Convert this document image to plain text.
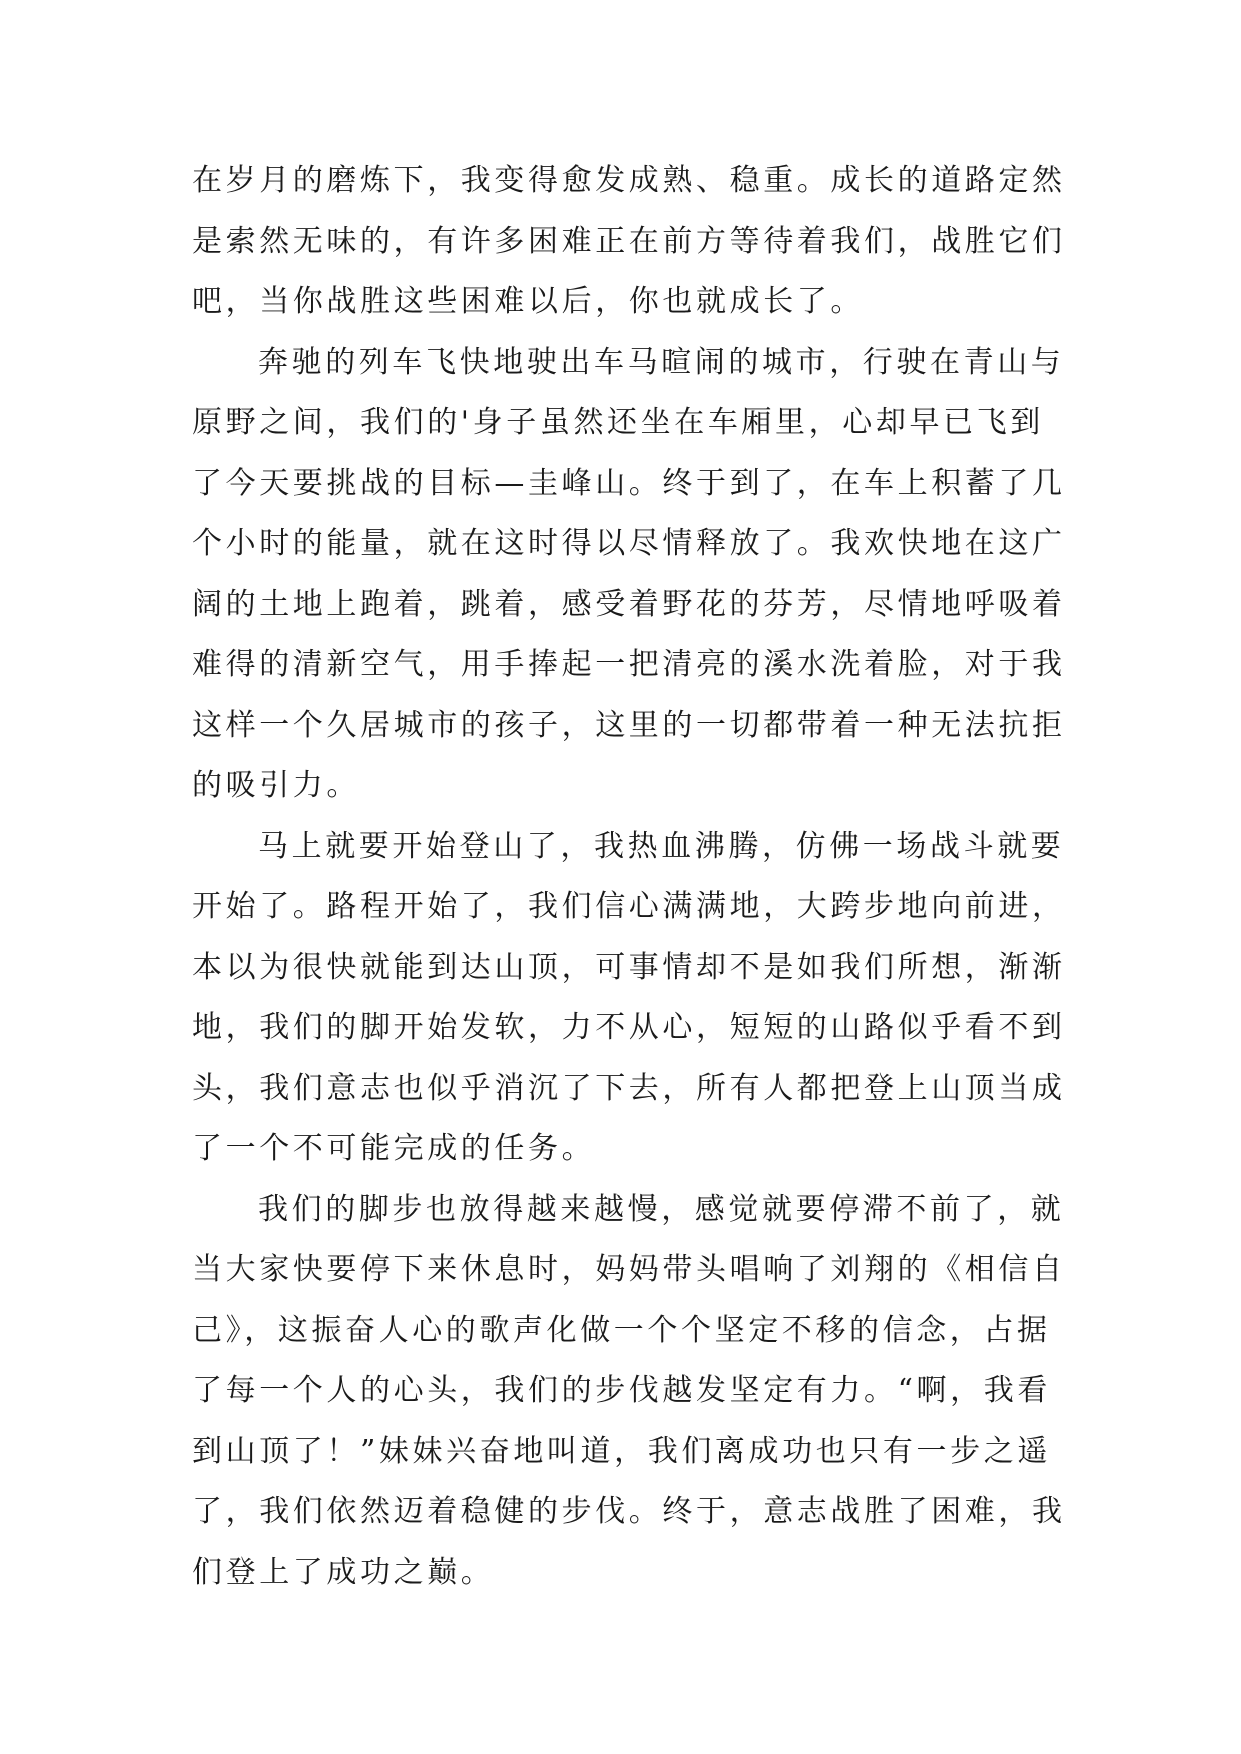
在岁月的磨炼下，我变得愈发成熟、稳重。成长的道路定然
是索然无味的，有许多困难正在前方等待着我们，战胜它们
吧，当你战胜这些困难以后，你也就成长了。
奔驰的列车飞快地驶出车马暄闹的城市，行驶在青山与
原野之间，我们的'身子虽然还坐在车厢里，心却早已飞到
了今天要挑战的目标—圭峰山。终于到了，在车上积蓄了几
个小时的能量，就在这时得以尽情释放了。我欢快地在这广
阔的土地上跑着，跳着，感受着野花的芬芳，尽情地呼吸着
难得的清新空气，用手捧起一把清亮的溪水洗着脸，对于我
这样一个久居城市的孩子，这里的一切都带着一种无法抗拒
的吸引力。
马上就要开始登山了，我热血沸腾，仿佛一场战斗就要
开始了。路程开始了，我们信心满满地，大跨步地向前进，
本以为很快就能到达山顶，可事情却不是如我们所想，渐渐
地，我们的脚开始发软，力不从心，短短的山路似乎看不到
头，我们意志也似乎消沉了下去，所有人都把登上山顶当成
了一个不可能完成的任务。
我们的脚步也放得越来越慢，感觉就要停滞不前了，就
当大家快要停下来休息时，妈妈带头唱响了刘翔的《相信自
己》，这振奋人心的歌声化做一个个坚定不移的信念，占据
了每一个人的心头，我们的步伐越发坚定有力。“啊，我看
到山顶了！”妹妹兴奋地叫道，我们离成功也只有一步之遥
了，我们依然迈着稳健的步伐。终于，意志战胜了困难，我
们登上了成功之巅。
